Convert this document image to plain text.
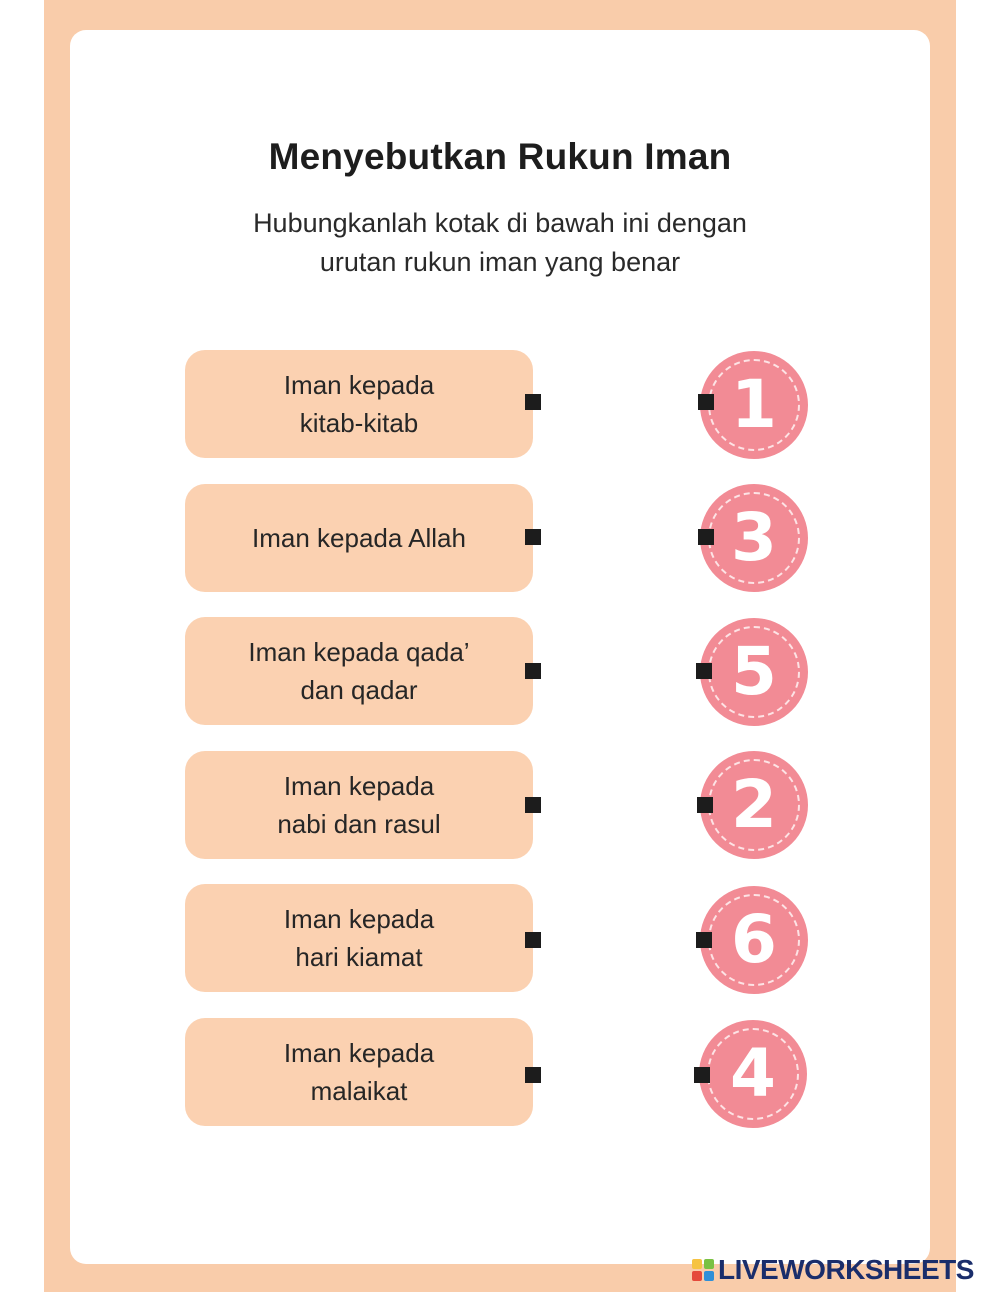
Menyebutkan Rukun Iman
Hubungkanlah kotak di bawah ini dengan
urutan rukun iman yang benar
Iman kepada
kitab-kitab	1
Iman kepada Allah	3
Iman kepada qada’
dan qadar	5
Iman kepada
nabi dan rasul	2
Iman kepada
hari kiamat	6
Iman kepada
malaikat	4
LIVEWORKSHEETS
